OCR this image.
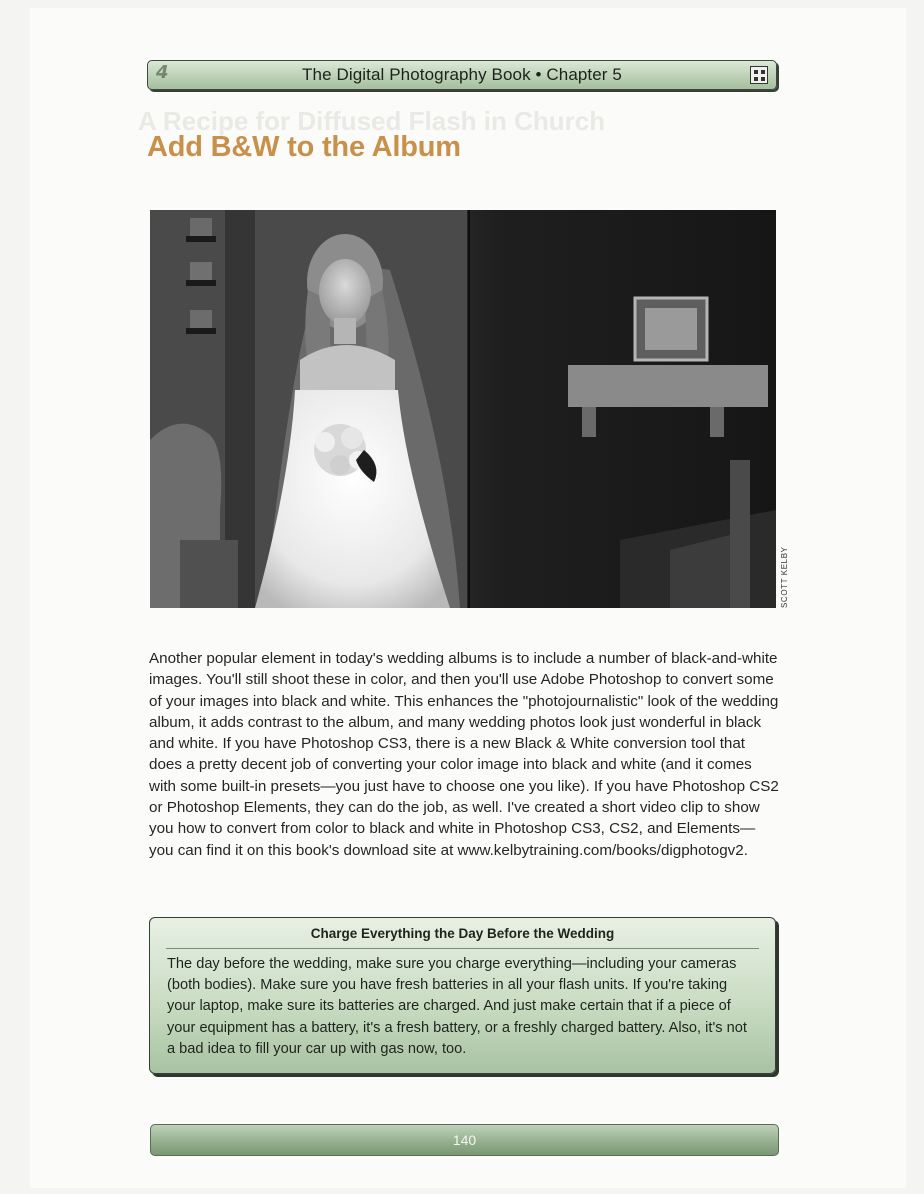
A Recipe for Diffused Flash in Church
4	The Digital Photography Book • Chapter 5
Add B&W to the Album
SCOTT KELBY

Another popular element in today's wedding albums is to include a number of black-and-white images. You'll still shoot these in color, and then you'll use Adobe Photoshop to convert some of your images into black and white. This enhances the "photojournalistic" look of the wedding album, it adds contrast to the album, and many wedding photos look just wonderful in black and white. If you have Photoshop CS3, there is a new Black & White conversion tool that does a pretty decent job of converting your color image into black and white (and it comes with some built-in presets—you just have to choose one you like). If you have Photoshop CS2 or Photoshop Elements, they can do the job, as well. I've created a short video clip to show you how to convert from color to black and white in Photoshop CS3, CS2, and Elements—you can find it on this book's download site at www.kelbytraining.com/books/digphotogv2.

Charge Everything the Day Before the Wedding

The day before the wedding, make sure you charge everything—including your cameras (both bodies). Make sure you have fresh batteries in all your flash units. If you're taking your laptop, make sure its batteries are charged. And just make certain that if a piece of your equipment has a battery, it's a fresh battery, or a freshly charged battery. Also, it's not a bad idea to fill your car up with gas now, too.

140
